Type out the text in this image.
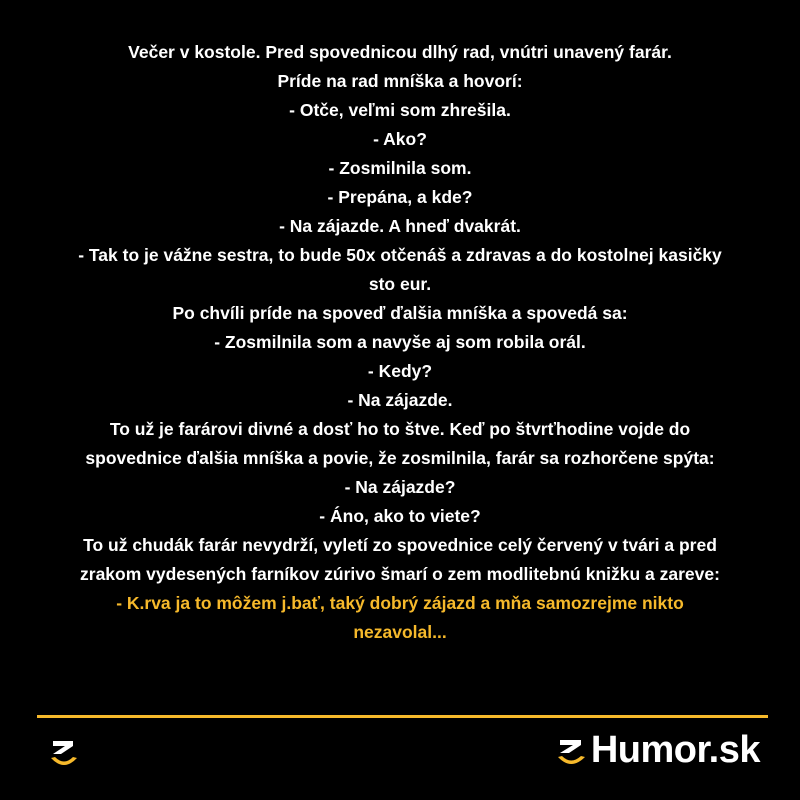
Večer v kostole. Pred spovednicou dlhý rad, vnútri unavený farár.
Príde na rad mníška a hovorí:
- Otče, veľmi som zhrešila.
- Ako?
- Zosmilnila som.
- Prepána, a kde?
- Na zájazde. A hneď dvakrát.
- Tak to je vážne sestra, to bude 50x otčenáš a zdravas a do kostolnej kasičky
sto eur.
Po chvíli príde na spoveď ďalšia mníška a spovedá sa:
- Zosmilnila som a navyše aj som robila orál.
- Kedy?
- Na zájazde.
To už je farárovi divné a dosť ho to štve. Keď po štvrťhodine vojde do
spovednice ďalšia mníška a povie, že zosmilnila, farár sa rozhorčene spýta:
- Na zájazde?
- Áno, ako to viete?
To už chudák farár nevydrží, vyletí zo spovednice celý červený v tvári a pred
zrakom vydesených farníkov zúrivo šmarí o zem modlitebnú knižku a zareve:
- K.rva ja to môžem j.bať, taký dobrý zájazd a mňa samozrejme nikto
nezavolal...
Humor.sk
